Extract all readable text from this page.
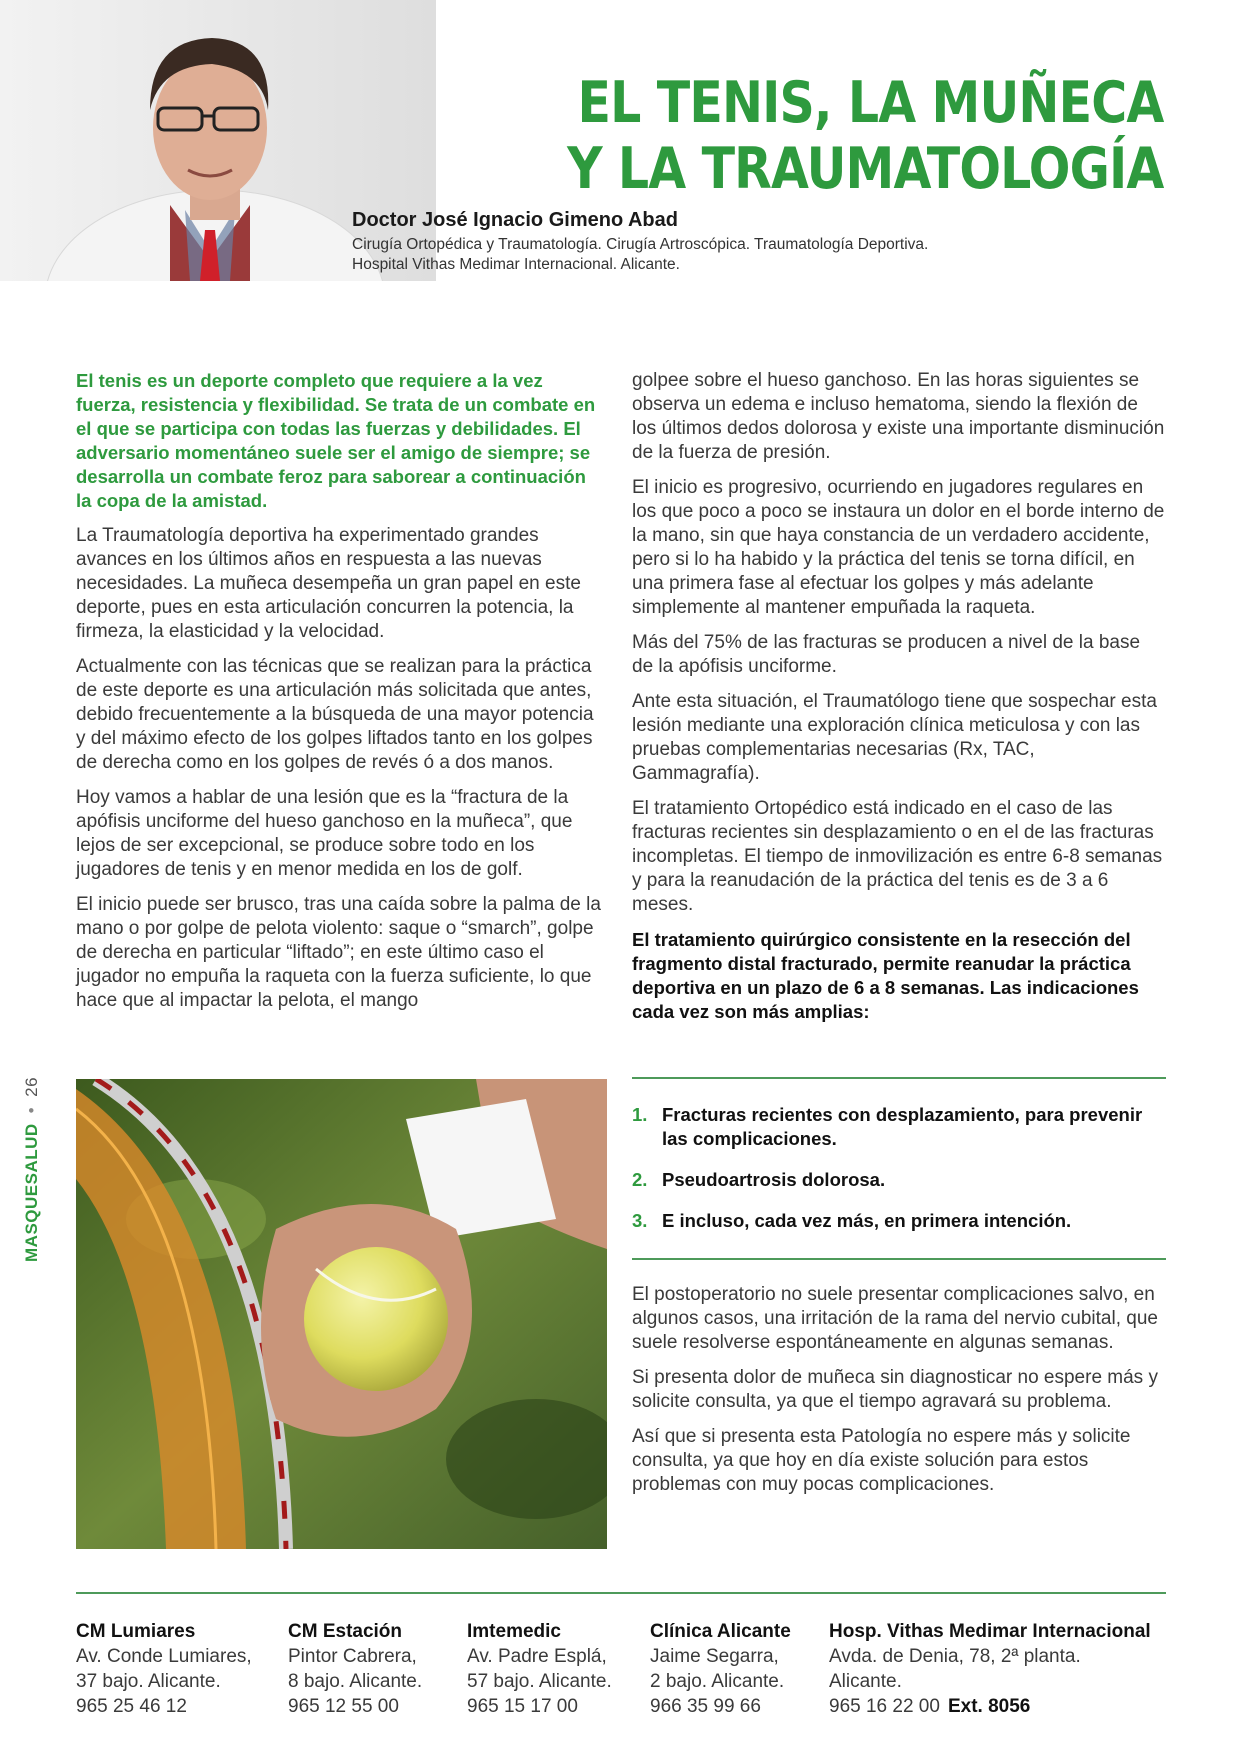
EL TENIS, LA MUÑECA
Y LA TRAUMATOLOGÍA
Doctor José Ignacio Gimeno Abad
Cirugía Ortopédica y Traumatología. Cirugía Artroscópica. Traumatología Deportiva.
Hospital Vithas Medimar Internacional. Alicante.

El tenis es un deporte completo que requiere a la vez fuerza, resistencia y flexibilidad. Se trata de un combate en el que se participa con todas las fuerzas y debilidades. El adversario momentáneo suele ser el amigo de siempre; se desarrolla un combate feroz para saborear a continuación la copa de la amistad.

La Traumatología deportiva ha experimentado grandes avances en los últimos años en respuesta a las nuevas necesidades. La muñeca desempeña un gran papel en este deporte, pues en esta articulación concurren la potencia, la firmeza, la elasticidad y la velocidad.

Actualmente con las técnicas que se realizan para la práctica de este deporte es una articulación más solicitada que antes, debido frecuentemente a la búsqueda de una mayor potencia y del máximo efecto de los golpes liftados tanto en los golpes de derecha como en los golpes de revés ó a dos manos.

Hoy vamos a hablar de una lesión que es la “fractura de la apófisis unciforme del hueso ganchoso en la muñeca”, que lejos de ser excepcional, se produce sobre todo en los jugadores de tenis y en menor medida en los de golf.

El inicio puede ser brusco, tras una caída sobre la palma de la mano o por golpe de pelota violento: saque o “smarch”, golpe de derecha en particular “liftado”; en este último caso el jugador no empuña la raqueta con la fuerza suficiente, lo que hace que al impactar la pelota, el mango

golpee sobre el hueso ganchoso. En las horas siguientes se observa un edema e incluso hematoma, siendo la flexión de los últimos dedos dolorosa y existe una importante disminución de la fuerza de presión.

El inicio es progresivo, ocurriendo en jugadores regulares en los que poco a poco se instaura un dolor en el borde interno de la mano, sin que haya constancia de un verdadero accidente, pero si lo ha habido y la práctica del tenis se torna difícil, en una primera fase al efectuar los golpes y más adelante simplemente al mantener empuñada la raqueta.

Más del 75% de las fracturas se producen a nivel de la base de la apófisis unciforme.

Ante esta situación, el Traumatólogo tiene que sospechar esta lesión mediante una exploración clínica meticulosa y con las pruebas complementarias necesarias (Rx, TAC, Gammagrafía).

El tratamiento Ortopédico está indicado en el caso de las fracturas recientes sin desplazamiento o en el de las fracturas incompletas. El tiempo de inmovilización es entre 6-8 semanas y para la reanudación de la práctica del tenis es de 3 a 6 meses.

El tratamiento quirúrgico consistente en la resección del fragmento distal fracturado, permite reanudar la práctica deportiva en un plazo de 6 a 8 semanas. Las indicaciones cada vez son más amplias:

1. Fracturas recientes con desplazamiento, para prevenir las complicaciones.
2. Pseudoartrosis dolorosa.
3. E incluso, cada vez más, en primera intención.

El postoperatorio no suele presentar complicaciones salvo, en algunos casos, una irritación de la rama del nervio cubital, que suele resolverse espontáneamente en algunas semanas.

Si presenta dolor de muñeca sin diagnosticar no espere más y solicite consulta, ya que el tiempo agravará su problema.

Así que si presenta esta Patología no espere más y solicite consulta, ya que hoy en día existe solución para estos problemas con muy pocas complicaciones.

MASQUESALUD•26
CM Lumiares
Av. Conde Lumiares,
37 bajo. Alicante.
965 25 46 12
CM Estación
Pintor Cabrera,
8 bajo. Alicante.
965 12 55 00
Imtemedic
Av. Padre Esplá,
57 bajo. Alicante.
965 15 17 00
Clínica Alicante
Jaime Segarra,
2 bajo. Alicante.
966 35 99 66
Hosp. Vithas Medimar Internacional
Avda. de Denia, 78, 2ª planta.
Alicante.
965 16 22 00 Ext. 8056
